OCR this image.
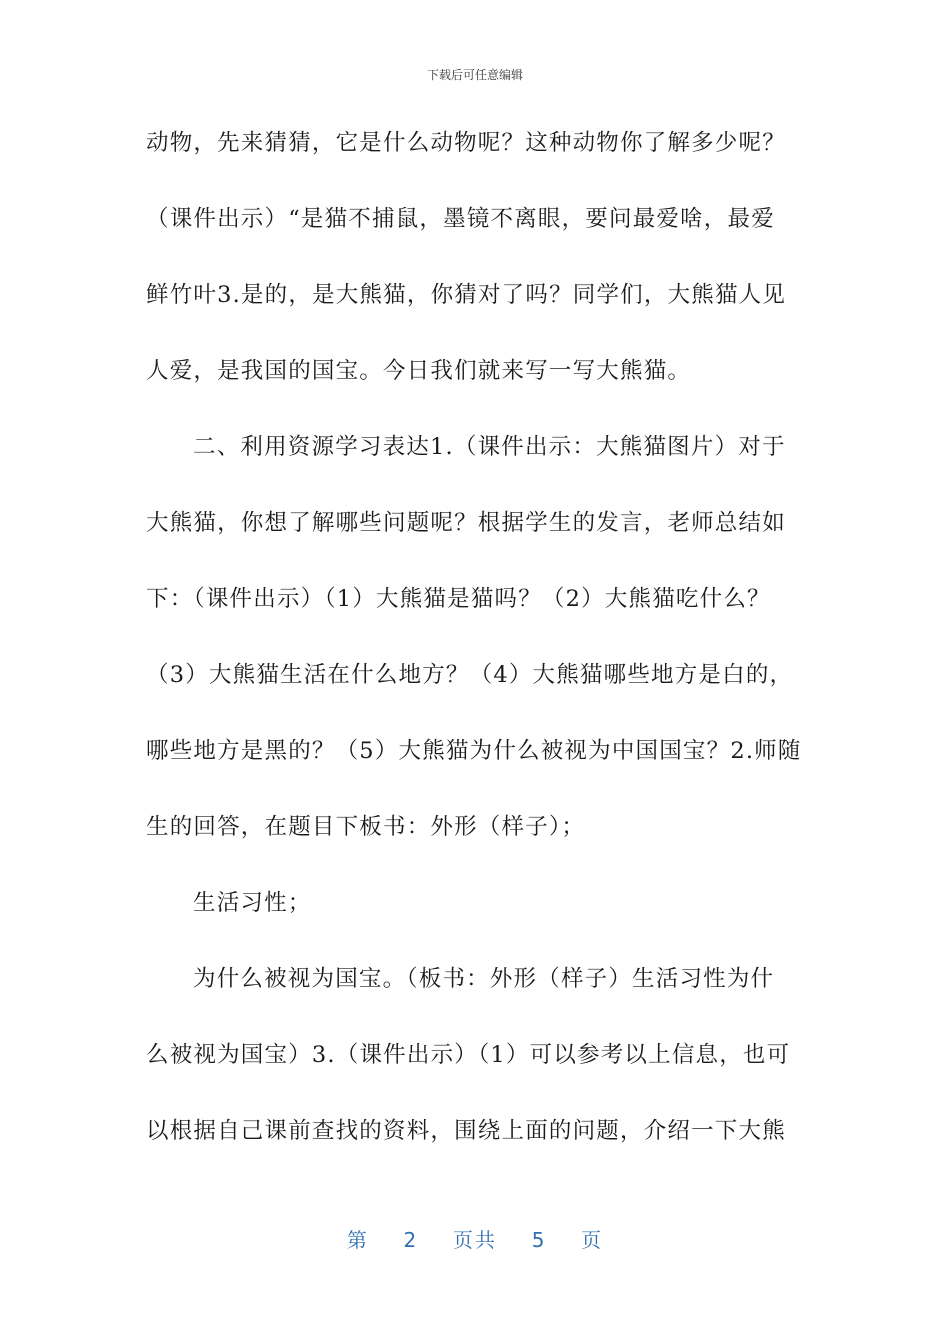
下载后可任意编辑
动物，先来猜猜，它是什么动物呢？这种动物你了解多少呢？
（课件出示）“是猫不捕鼠，墨镜不离眼，要问最爱啥，最爱
鲜竹叶3.是的，是大熊猫，你猜对了吗？同学们，大熊猫人见
人爱，是我国的国宝。今日我们就来写一写大熊猫。
二、利用资源学习表达1.（课件出示：大熊猫图片）对于
大熊猫，你想了解哪些问题呢？根据学生的发言，老师总结如
下：（课件出示）（1）大熊猫是猫吗？（2）大熊猫吃什么？
（3）大熊猫生活在什么地方？（4）大熊猫哪些地方是白的，
哪些地方是黑的？（5）大熊猫为什么被视为中国国宝？2.师随
生的回答，在题目下板书：外形（样子）；
生活习性；
为什么被视为国宝。（板书：外形（样子）生活习性为什
么被视为国宝）3.（课件出示）（1）可以参考以上信息，也可
以根据自己课前查找的资料，围绕上面的问题，介绍一下大熊
第 2 页共 5 页
